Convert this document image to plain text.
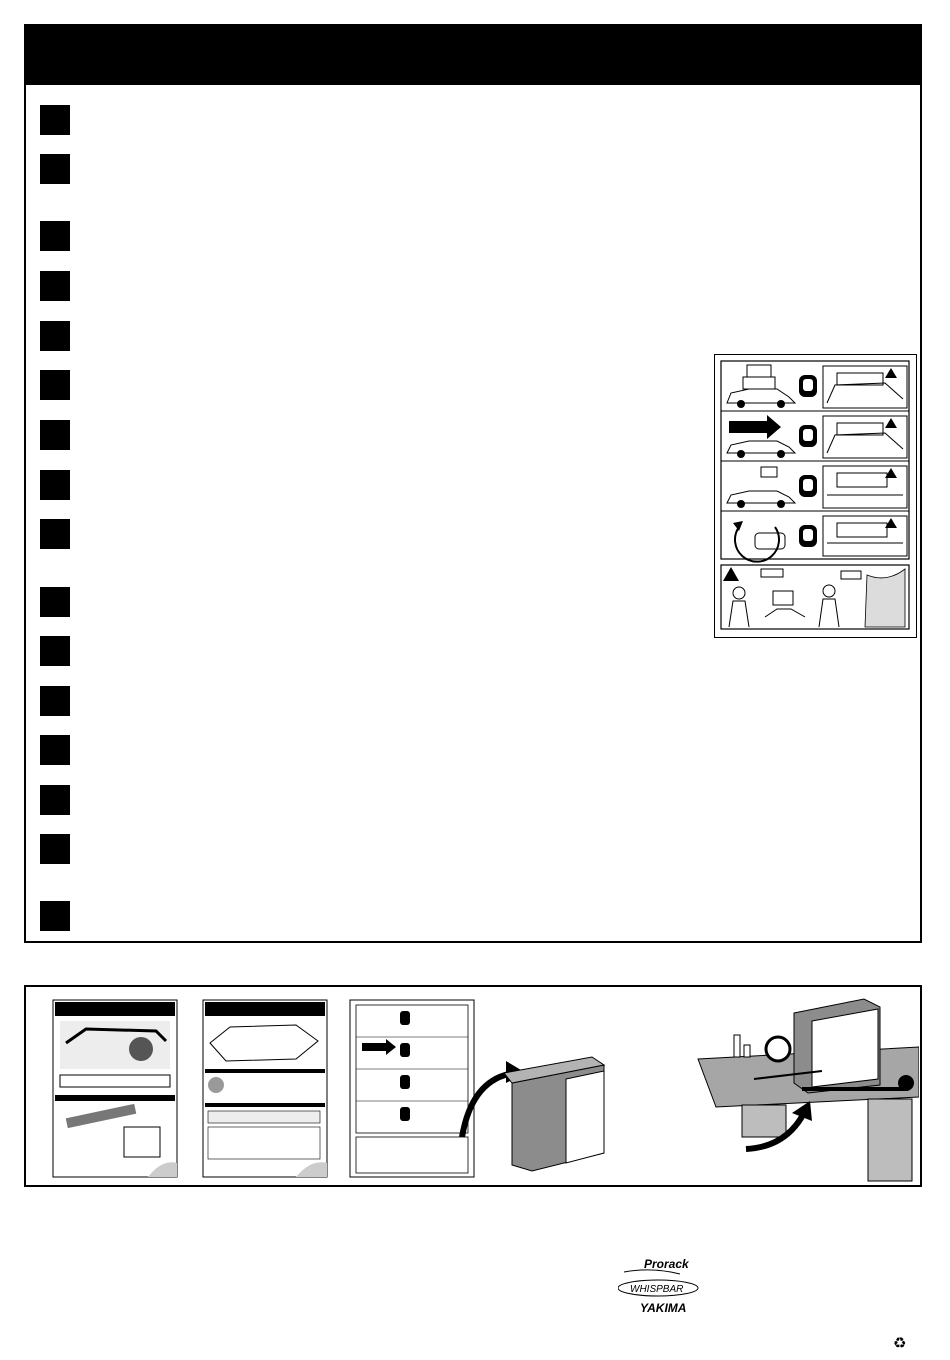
Prorack
WHISPBAR
YAKIMA
♻
